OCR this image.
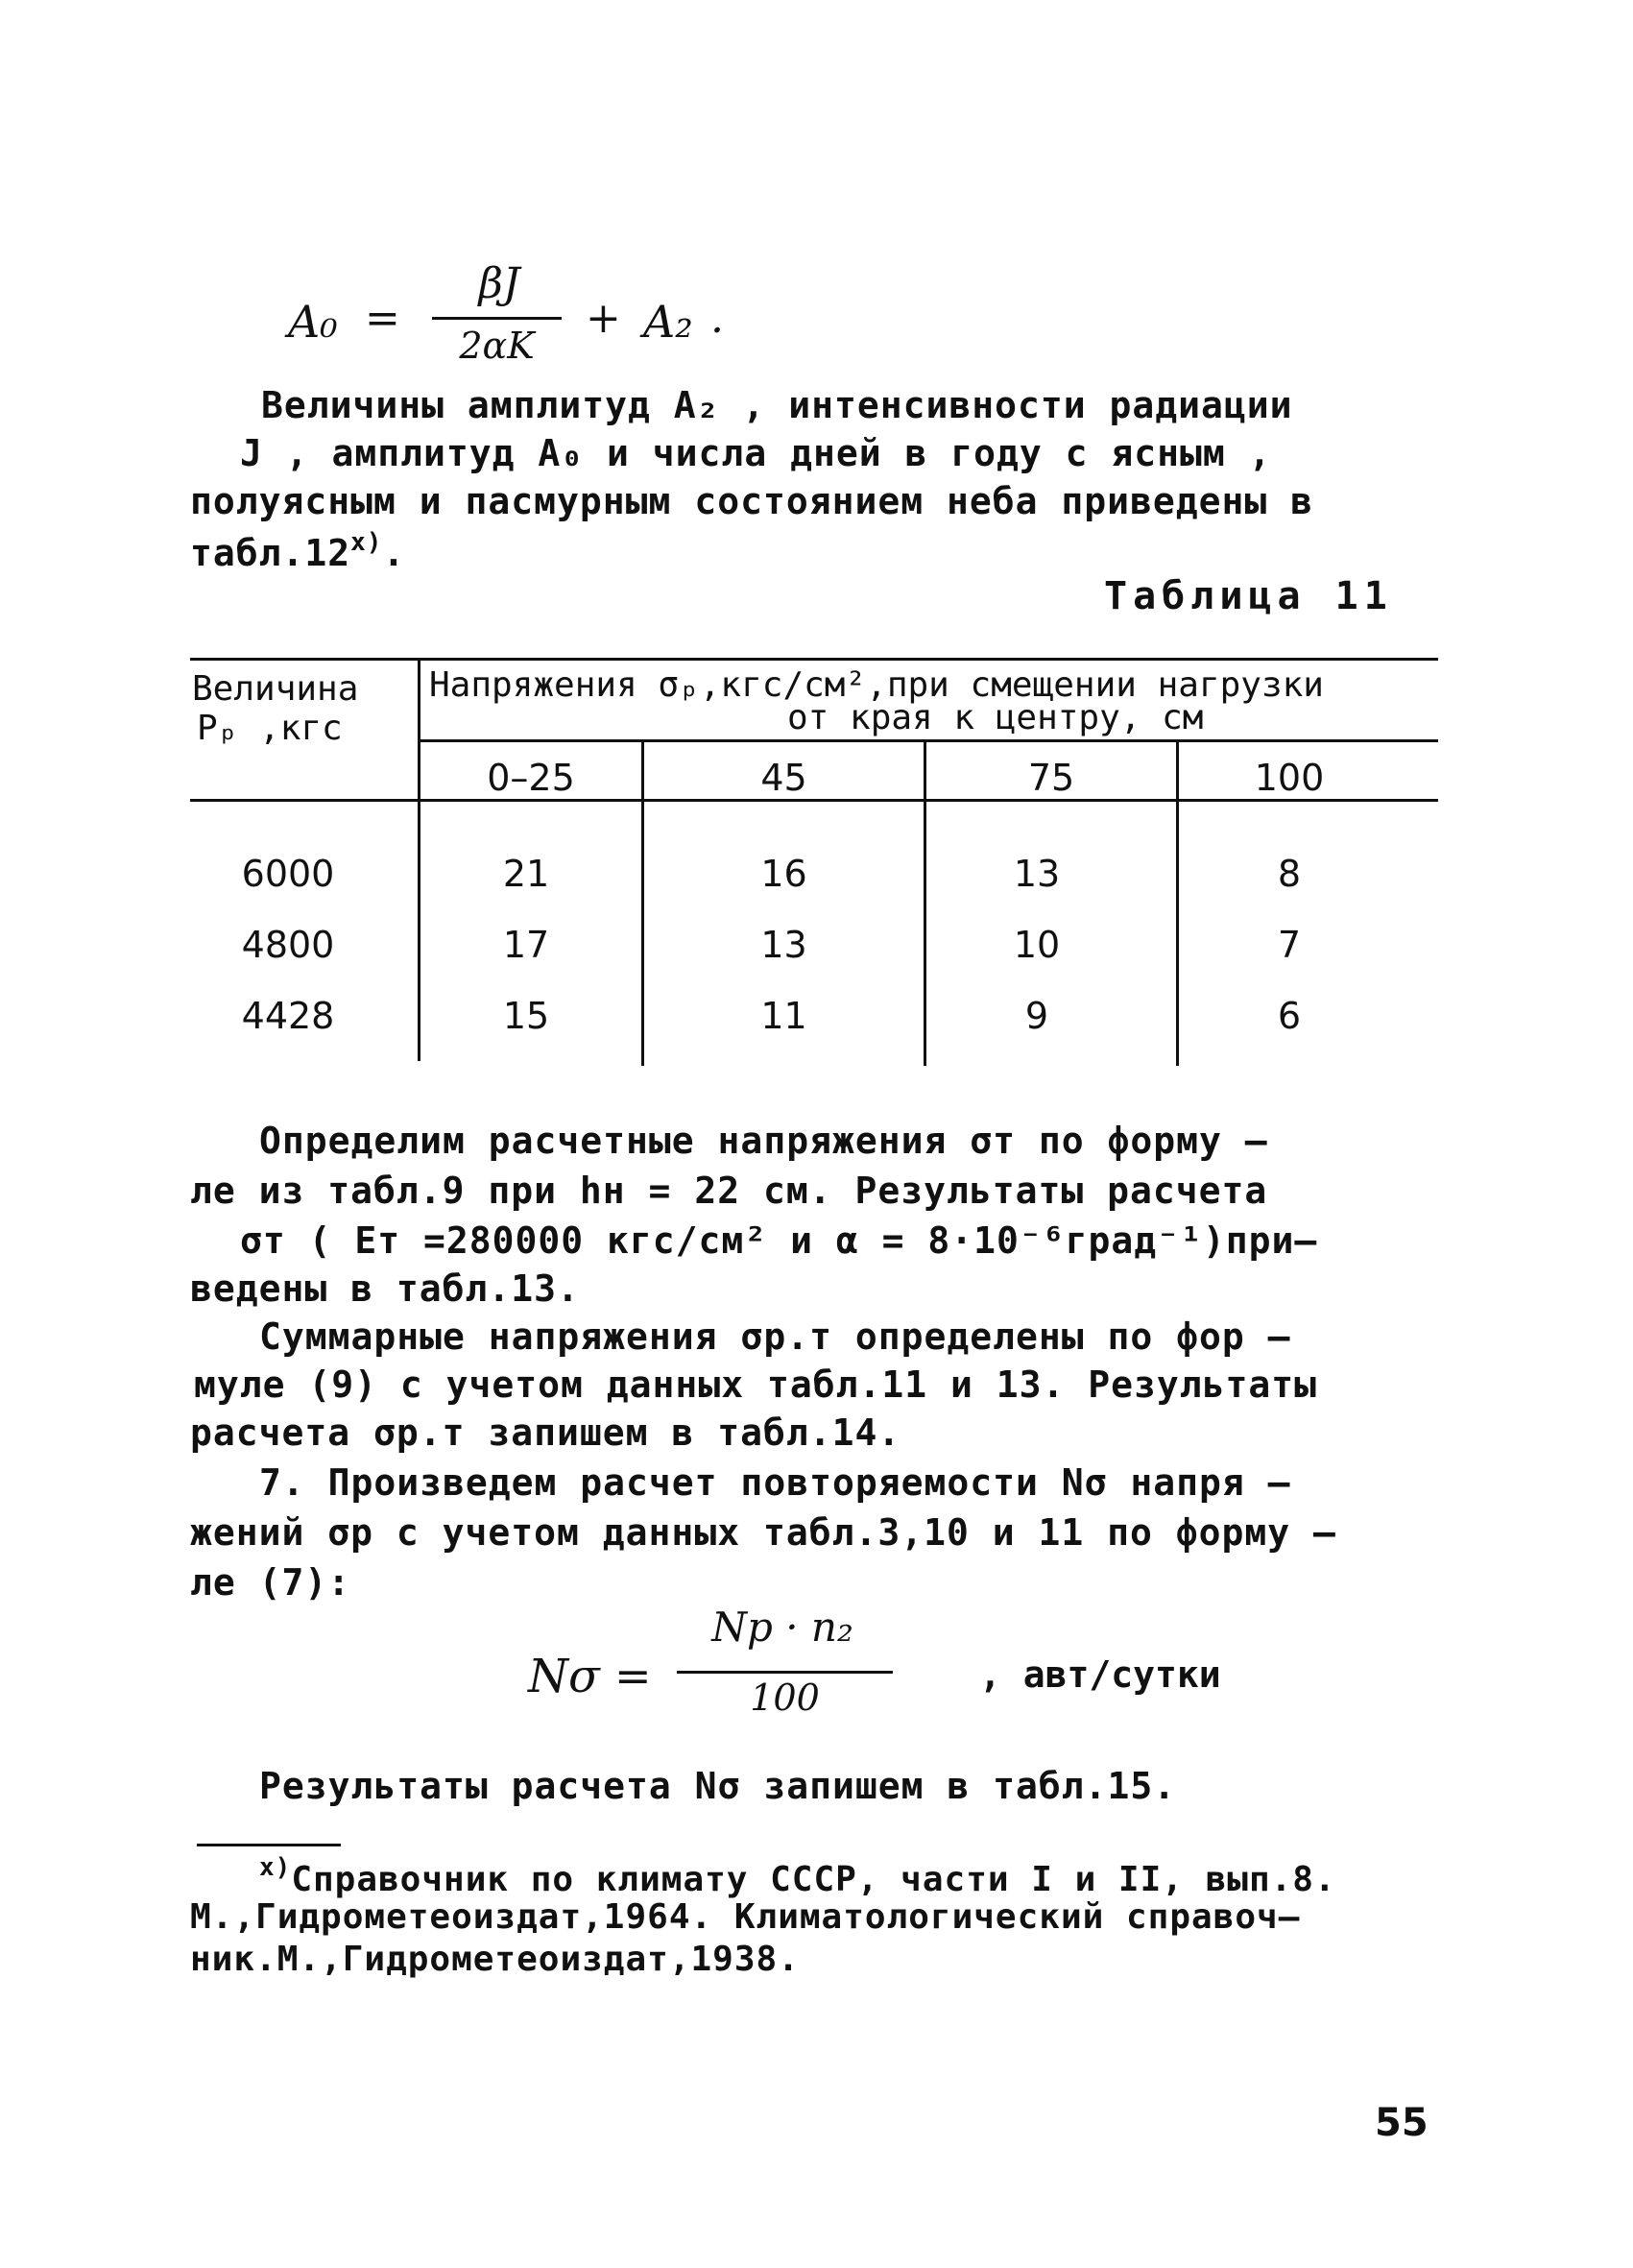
A₀ =
βJ
2αK
+ A₂ .
Величины амплитуд A₂ , интенсивности радиации
J , амплитуд A₀ и числа дней в году с ясным ,
полуясным и пасмурным состоянием неба приведены в
табл.12$^{x)}$.
Таблица 11
Величина
Pₚ ,кгс
Напряжения σₚ,кгс/см²,при смещении нагрузки
от края к центру, см
0–25	45	75	100
6000	21	16	13	8
4800	17	13	10	7
4428	15	11	9	6
Определим расчетные напряжения σт по форму –
ле из табл.9 при hн = 22 см. Результаты расчета
σт ( Eт =280000 кгс/см² и α = 8·10⁻⁶град⁻¹)при–
ведены в табл.13.
Суммарные напряжения σр.т определены по фор –
муле (9) с учетом данных табл.11 и 13. Результаты
расчета σр.т запишем в табл.14.
7. Произведем расчет повторяемости Nσ напря –
жений σр с учетом данных табл.3,10 и 11 по форму –
ле (7):
Nσ =
Nр · n₂
100
, авт/сутки
Результаты расчета Nσ запишем в табл.15.
$^{x)}$Справочник по климату СССР, части I и II, вып.8.
М.,Гидрометеоиздат,1964. Климатологический справоч–
ник.М.,Гидрометеоиздат,1938.
55
